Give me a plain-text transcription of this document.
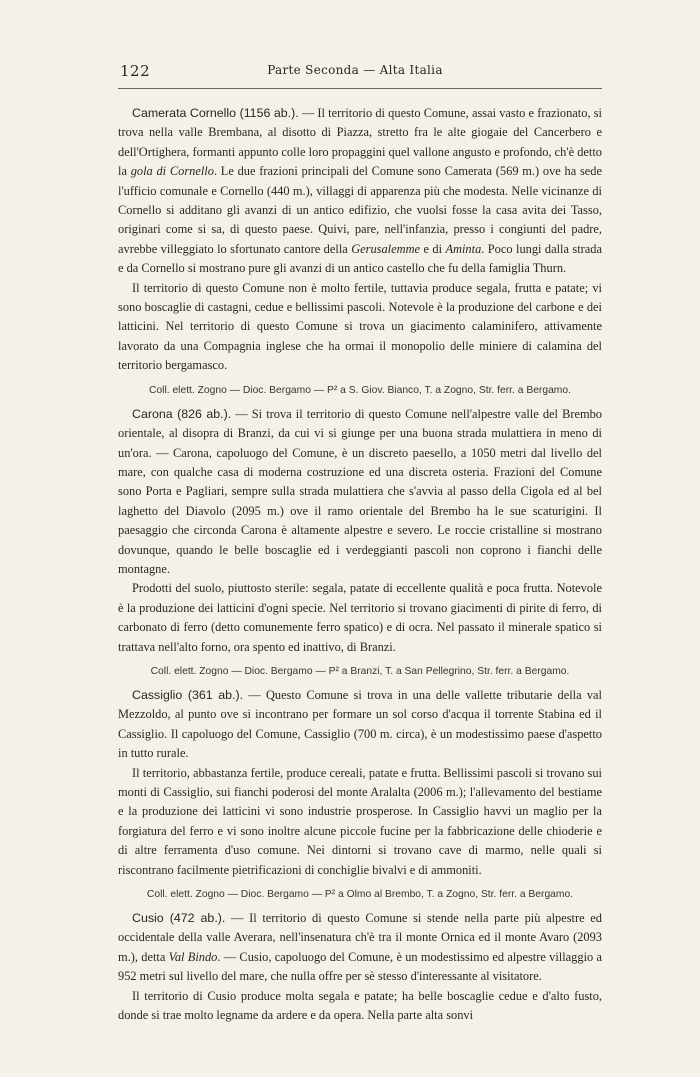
122	Parte Seconda — Alta Italia

Camerata Cornello (1156 ab.). — Il territorio di questo Comune, assai vasto e frazionato, si trova nella valle Brembana, al disotto di Piazza, stretto fra le alte giogaie del Cancerbero e dell'Ortighera, formanti appunto colle loro propaggini quel vallone angusto e profondo, ch'è detto la gola di Cornello. Le due frazioni principali del Comune sono Camerata (569 m.) ove ha sede l'ufficio comunale e Cornello (440 m.), villaggi di apparenza più che modesta. Nelle vicinanze di Cornello si additano gli avanzi di un antico edifizio, che vuolsi fosse la casa avita dei Tasso, originari come si sa, di questo paese. Quivi, pare, nell'infanzia, presso i congiunti del padre, avrebbe villeggiato lo sfortunato cantore della Gerusalemme e di Aminta. Poco lungi dalla strada e da Cornello si mostrano pure gli avanzi di un antico castello che fu della famiglia Thurn.

Il territorio di questo Comune non è molto fertile, tuttavia produce segala, frutta e patate; vi sono boscaglie di castagni, cedue e bellissimi pascoli. Notevole è la produzione del carbone e dei latticini. Nel territorio di questo Comune si trova un giacimento calaminifero, attivamente lavorato da una Compagnia inglese che ha ormai il monopolio delle miniere di calamina del territorio bergamasco.

Coll. elett. Zogno — Dioc. Bergamo — P² a S. Giov. Bianco, T. a Zogno, Str. ferr. a Bergamo.

Carona (826 ab.). — Si trova il territorio di questo Comune nell'alpestre valle del Brembo orientale, al disopra di Branzi, da cui vi si giunge per una buona strada mulattiera in meno di un'ora. — Carona, capoluogo del Comune, è un discreto paesello, a 1050 metri dal livello del mare, con qualche casa di moderna costruzione ed una discreta osteria. Frazioni del Comune sono Porta e Pagliari, sempre sulla strada mulattiera che s'avvia al passo della Cigola ed al bel laghetto del Diavolo (2095 m.) ove il ramo orientale del Brembo ha le sue scaturigini. Il paesaggio che circonda Carona è altamente alpestre e severo. Le roccie cristalline si mostrano dovunque, quando le belle boscaglie ed i verdeggianti pascoli non coprono i fianchi delle montagne.

Prodotti del suolo, piuttosto sterile: segala, patate di eccellente qualità e poca frutta. Notevole è la produzione dei latticini d'ogni specie. Nel territorio si trovano giacimenti di pirite di ferro, di carbonato di ferro (detto comunemente ferro spatico) e di ocra. Nel passato il minerale spatico si trattava nell'alto forno, ora spento ed inattivo, di Branzi.

Coll. elett. Zogno — Dioc. Bergamo — P² a Branzi, T. a San Pellegrino, Str. ferr. a Bergamo.

Cassiglio (361 ab.). — Questo Comune si trova in una delle vallette tributarie della val Mezzoldo, al punto ove si incontrano per formare un sol corso d'acqua il torrente Stabina ed il Cassiglio. Il capoluogo del Comune, Cassiglio (700 m. circa), è un modestissimo paese d'aspetto in tutto rurale.

Il territorio, abbastanza fertile, produce cereali, patate e frutta. Bellissimi pascoli si trovano sui monti di Cassiglio, sui fianchi poderosi del monte Aralalta (2006 m.); l'allevamento del bestiame e la produzione dei latticini vi sono industrie prosperose. In Cassiglio havvi un maglio per la forgiatura del ferro e vi sono inoltre alcune piccole fucine per la fabbricazione delle chioderie e di altre ferramenta d'uso comune. Nei dintorni si trovano cave di marmo, nelle quali si riscontrano facilmente pietrificazioni di conchiglie bivalvi e di ammoniti.

Coll. elett. Zogno — Dioc. Bergamo — P² a Olmo al Brembo, T. a Zogno, Str. ferr. a Bergamo.

Cusio (472 ab.). — Il territorio di questo Comune si stende nella parte più alpestre ed occidentale della valle Averara, nell'insenatura ch'è tra il monte Ornica ed il monte Avaro (2093 m.), detta Val Bindo. — Cusio, capoluogo del Comune, è un modestissimo ed alpestre villaggio a 952 metri sul livello del mare, che nulla offre per sè stesso d'interessante al visitatore.

Il territorio di Cusio produce molta segala e patate; ha belle boscaglie cedue e d'alto fusto, donde si trae molto legname da ardere e da opera. Nella parte alta sonvi
